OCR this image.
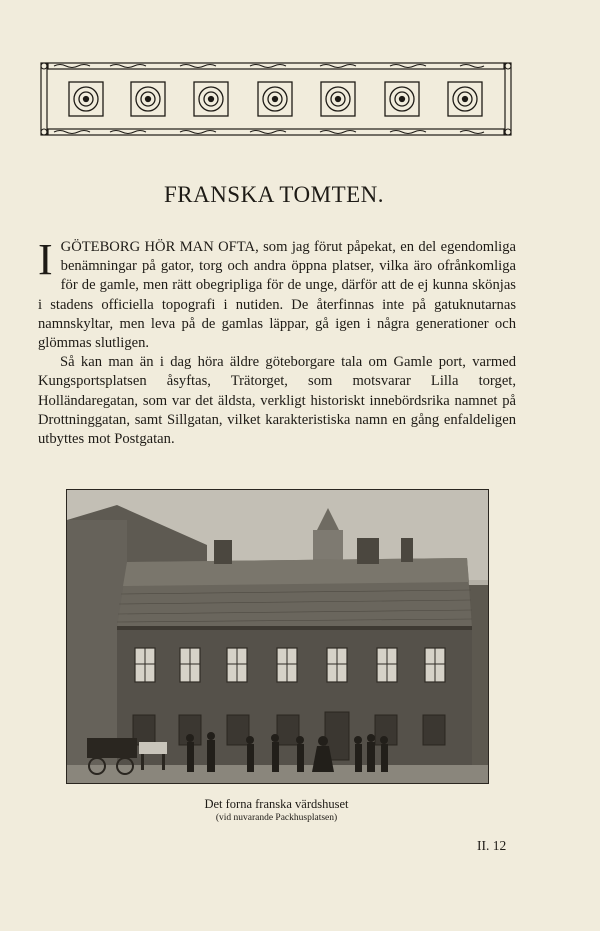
FRANSKA TOMTEN.

IGÖTEBORG HÖR MAN OFTA, som jag förut påpekat, en del egendomliga benämningar på gator, torg och andra öppna platser, vilka äro ofrånkomliga för de gamle, men rätt obegripliga för de unge, därför att de ej kunna skönjas i stadens officiella topografi i nutiden. De återfinnas inte på gatuknutarnas namnskyltar, men leva på de gamlas läppar, gå igen i några generationer och glömmas slutligen.

Så kan man än i dag höra äldre göteborgare tala om Gamle port, varmed Kungsportsplatsen åsyftas, Trätorget, som motsvarar Lilla torget, Holländaregatan, som var det äldsta, verkligt historiskt innebördsrika namnet på Drottninggatan, samt Sillgatan, vilket karakteristiska namn en gång enfaldeligen utbyttes mot Postgatan.

Det forna franska värdshuset
(vid nuvarande Packhusplatsen)
II. 12
